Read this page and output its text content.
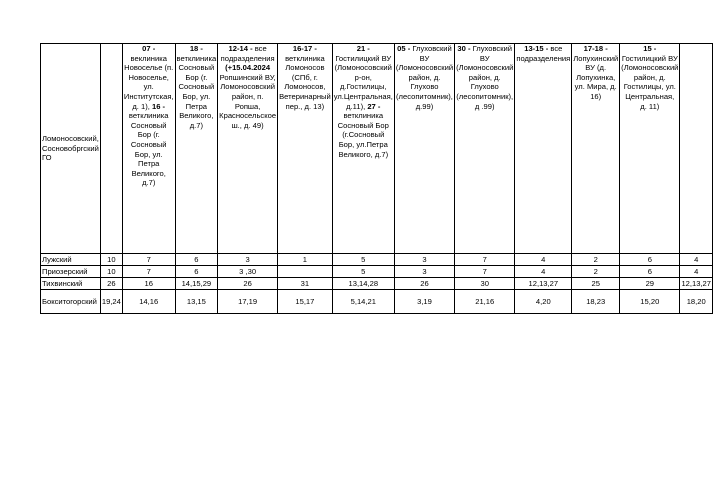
Ломоносовский, Сосновобргский ГО		07 - веклиника Новоселье (п. Новоселье, ул. Институтская, д. 1), 16 - ветклиника Сосновый Бор (г. Сосновый Бор, ул. Петра Великого, д.7)	18 - ветклиника Сосновый Бор (г. Сосновый Бор, ул. Петра Великого, д.7)	12-14 - все подразделения (+15.04.2024 Ропшинский ВУ, Ломоносовский район, п. Ропша, Красносельское ш., д. 49)	16-17 - ветклиника Ломоносов (СПб, г. Ломоносов, Ветеринарный пер., д. 13)	21 - Гостилицкий ВУ (Ломоносовский р-он, д.Гостилицы, ул.Центральная, д.11), 27 - ветклиника Сосновый Бор (г.Сосновый Бор, ул.Петра Великого, д.7)	05 - Глуховский ВУ (Ломоносовский район, д. Глухово (лесопитомник), д.99)	30 - Глуховский ВУ (Ломоносовский район, д. Глухово (лесопитомник), д .99)	13-15 - все подразделения	17-18 - Лопухинский ВУ (д. Лопухинка, ул. Мира, д. 16)	15 - Гостилицкий ВУ (Ломоносовский район, д. Гостилицы, ул. Центральная, д. 11)	
Лужский	10	7	6	3	1	5	3	7	4	2	6	4
Приозерский	10	7	6	3 ,30		5	3	7	4	2	6	4
Тихвинский	26	16	14,15,29	26	31	13,14,28	26	30	12,13,27	25	29	12,13,27
Бокситогорский	19,24	14,16	13,15	17,19	15,17	5,14,21	3,19	21,16	4,20	18,23	15,20	18,20
